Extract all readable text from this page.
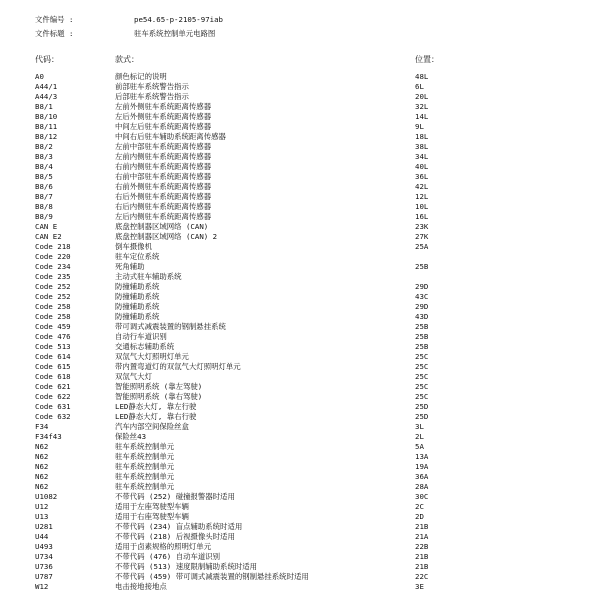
文件编号 :	pe54.65-p-2105-97iab
文件标题 :	驻车系统控制单元电路图
代码：	款式：	位置：
A0	颜色标记的说明	48L
A44/1	前部驻车系统警告指示	6L
A44/3	后部驻车系统警告指示	20L
B8/1	左前外侧驻车系统距离传感器	32L
B8/10	左后外侧驻车系统距离传感器	14L
B8/11	中间左后驻车系统距离传感器	9L
B8/12	中间右后驻车辅助系统距离传感器	18L
B8/2	左前中部驻车系统距离传感器	38L
B8/3	左前内侧驻车系统距离传感器	34L
B8/4	右前内侧驻车系统距离传感器	40L
B8/5	右前中部驻车系统距离传感器	36L
B8/6	右前外侧驻车系统距离传感器	42L
B8/7	右后外侧驻车系统距离传感器	12L
B8/8	右后内侧驻车系统距离传感器	10L
B8/9	左后内侧驻车系统距离传感器	16L
CAN E	底盘控制器区域网络 (CAN)	23K
CAN E2	底盘控制器区域网络 (CAN) 2	27K
Code 218	倒车摄像机	25A
Code 220	驻车定位系统
Code 234	死角辅助	25B
Code 235	主动式驻车辅助系统
Code 252	防撞辅助系统	29D
Code 252	防撞辅助系统	43C
Code 258	防撞辅助系统	29D
Code 258	防撞辅助系统	43D
Code 459	带可调式减震装置的钢制悬挂系统	25B
Code 476	自动行车道识别	25B
Code 513	交通标志辅助系统	25B
Code 614	双氙气大灯照明灯单元	25C
Code 615	带内置弯道灯的双氙气大灯照明灯单元	25C
Code 618	双氙气大灯	25C
Code 621	智能照明系统 (靠左驾驶)	25C
Code 622	智能照明系统 (靠右驾驶)	25C
Code 631	LED静态大灯, 靠左行驶	25D
Code 632	LED静态大灯, 靠右行驶	25D
F34	汽车内部空间保险丝盒	3L
F34f43	保险丝43	2L
N62	驻车系统控制单元	5A
N62	驻车系统控制单元	13A
N62	驻车系统控制单元	19A
N62	驻车系统控制单元	36A
N62	驻车系统控制单元	28A
U1082	不带代码 (252) 碰撞报警器时适用	30C
U12	适用于左座驾驶型车辆	2C
U13	适用于右座驾驶型车辆	2D
U281	不带代码 (234) 盲点辅助系统时适用	21B
U44	不带代码 (218) 后视摄像头时适用	21A
U493	适用于卤素规格的照明灯单元	22B
U734	不带代码 (476) 自动车道识别	21B
U736	不带代码 (513) 速度限制辅助系统时适用	21B
U787	不带代码 (459) 带可调式减震装置的钢制悬挂系统时适用	22C
W12	电击接地接地点	3E
